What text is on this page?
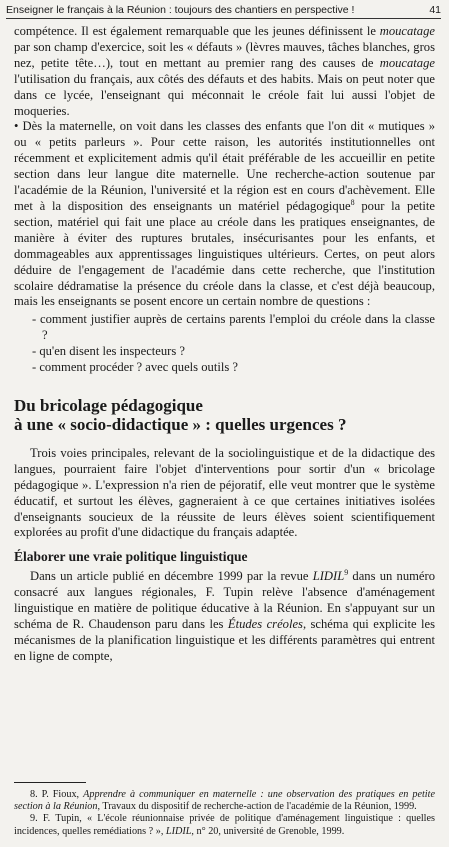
Enseigner le français à la Réunion : toujours des chantiers en perspective !	41

compétence. Il est également remarquable que les jeunes définissent le moucatage par son champ d'exercice, soit les « défauts » (lèvres mauves, tâches blanches, gros nez, petite tête…), tout en mettant au premier rang des causes de moucatage l'utilisation du français, aux côtés des défauts et des habits. Mais on peut noter que dans ce lycée, l'enseignant qui méconnait le créole fait lui aussi l'objet de moqueries.

• Dès la maternelle, on voit dans les classes des enfants que l'on dit « mutiques » ou « petits parleurs ». Pour cette raison, les autorités institutionnelles ont récemment et explicitement admis qu'il était préférable de les accueillir en petite section dans leur langue dite maternelle. Une recherche-action soutenue par l'académie de la Réunion, l'université et la région est en cours d'achèvement. Elle met à la disposition des enseignants un matériel pédagogique$^8$ pour la petite section, matériel qui fait une place au créole dans les pratiques enseignantes, de manière à éviter des ruptures brutales, insécurisantes pour les enfants, et dommageables aux apprentissages linguistiques ultérieurs. Certes, on peut alors déduire de l'engagement de l'académie dans cette recherche, que l'institution scolaire dédramatise la présence du créole dans la classe, et c'est déjà beaucoup, mais les enseignants se posent encore un certain nombre de questions :

- comment justifier auprès de certains parents l'emploi du créole dans la classe ?
- qu'en disent les inspecteurs ?
- comment procéder ? avec quels outils ?
Du bricolage pédagogique
à une « socio-didactique » : quelles urgences ?

Trois voies principales, relevant de la sociolinguistique et de la didactique des langues, pourraient faire l'objet d'interventions pour sortir d'un « bricolage pédagogique ». L'expression n'a rien de péjoratif, elle veut montrer que le système éducatif, et surtout les élèves, gagneraient à ce que certaines initiatives isolées d'enseignants soucieux de la réussite de leurs élèves soient scientifiquement explorées au profit d'une didactique du français adaptée.

Élaborer une vraie politique linguistique

Dans un article publié en décembre 1999 par la revue LIDIL$^9$ dans un numéro consacré aux langues régionales, F. Tupin relève l'absence d'aménagement linguistique en matière de politique éducative à la Réunion. En s'appuyant sur un schéma de R. Chaudenson paru dans les Études créoles, schéma qui explicite les mécanismes de la planification linguistique et les différents paramètres qui entrent en ligne de compte,

8. P. Fioux, Apprendre à communiquer en maternelle : une observation des pratiques en petite section à la Réunion, Travaux du dispositif de recherche-action de l'académie de la Réunion, 1999.

9. F. Tupin, « L'école réunionnaise privée de politique d'aménagement linguistique : quelles incidences, quelles remédiations ? », LIDIL, n° 20, université de Grenoble, 1999.
